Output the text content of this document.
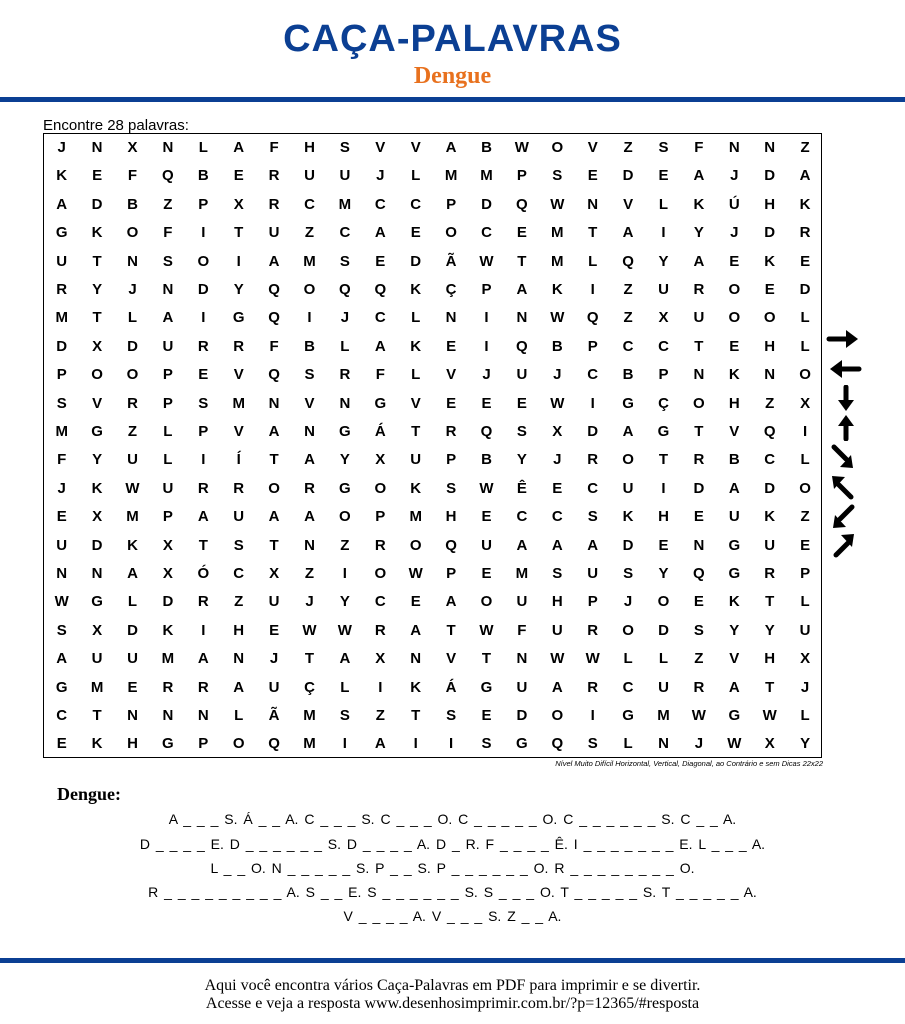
CAÇA-PALAVRAS
Dengue
Encontre 28 palavras:
J	N	X	N	L	A	F	H	S	V	V	A	B	W	O	V	Z	S	F	N	N	Z
K	E	F	Q	B	E	R	U	U	J	L	M	M	P	S	E	D	E	A	J	D	A
A	D	B	Z	P	X	R	C	M	C	C	P	D	Q	W	N	V	L	K	Ú	H	K
G	K	O	F	I	T	U	Z	C	A	E	O	C	E	M	T	A	I	Y	J	D	R
U	T	N	S	O	I	A	M	S	E	D	Ã	W	T	M	L	Q	Y	A	E	K	E
R	Y	J	N	D	Y	Q	O	Q	Q	K	Ç	P	A	K	I	Z	U	R	O	E	D
M	T	L	A	I	G	Q	I	J	C	L	N	I	N	W	Q	Z	X	U	O	O	L
D	X	D	U	R	R	F	B	L	A	K	E	I	Q	B	P	C	C	T	E	H	L
P	O	O	P	E	V	Q	S	R	F	L	V	J	U	J	C	B	P	N	K	N	O
S	V	R	P	S	M	N	V	N	G	V	E	E	E	W	I	G	Ç	O	H	Z	X
M	G	Z	L	P	V	A	N	G	Á	T	R	Q	S	X	D	A	G	T	V	Q	I
F	Y	U	L	I	Í	T	A	Y	X	U	P	B	Y	J	R	O	T	R	B	C	L
J	K	W	U	R	R	O	R	G	O	K	S	W	Ê	E	C	U	I	D	A	D	O
E	X	M	P	A	U	A	A	O	P	M	H	E	C	C	S	K	H	E	U	K	Z
U	D	K	X	T	S	T	N	Z	R	O	Q	U	A	A	A	D	E	N	G	U	E
N	N	A	X	Ó	C	X	Z	I	O	W	P	E	M	S	U	S	Y	Q	G	R	P
W	G	L	D	R	Z	U	J	Y	C	E	A	O	U	H	P	J	O	E	K	T	L
S	X	D	K	I	H	E	W	W	R	A	T	W	F	U	R	O	D	S	Y	Y	U
A	U	U	M	A	N	J	T	A	X	N	V	T	N	W	W	L	L	Z	V	H	X
G	M	E	R	R	A	U	Ç	L	I	K	Á	G	U	A	R	C	U	R	A	T	J
C	T	N	N	N	L	Ã	M	S	Z	T	S	E	D	O	I	G	M	W	G	W	L
E	K	H	G	P	O	Q	M	I	A	I	I	S	G	Q	S	L	N	J	W	X	Y
Nível Muito Difícil Horizontal, Vertical, Diagonal, ao Contrário e sem Dicas 22x22
Dengue:
A _ _ _ S. Á _ _ A. C _ _ _ S. C _ _ _ O. C _ _ _ _ _ O. C _ _ _ _ _ _ S. C _ _ A.
D _ _ _ _ E. D _ _ _ _ _ _ S. D _ _ _ _ A. D _ R. F _ _ _ _ Ê. I _ _ _ _ _ _ _ E. L _ _ _ A.
L _ _ O. N _ _ _ _ _ S. P _ _ S. P _ _ _ _ _ _ O. R _ _ _ _ _ _ _ _ O.
R _ _ _ _ _ _ _ _ _ A. S _ _ E. S _ _ _ _ _ _ S. S _ _ _ O. T _ _ _ _ _ S. T _ _ _ _ _ A.
V _ _ _ _ A. V _ _ _ S. Z _ _ A.
Aqui você encontra vários Caça-Palavras em PDF para imprimir e se divertir.
Acesse e veja a resposta www.desenhosimprimir.com.br/?p=12365/#resposta
